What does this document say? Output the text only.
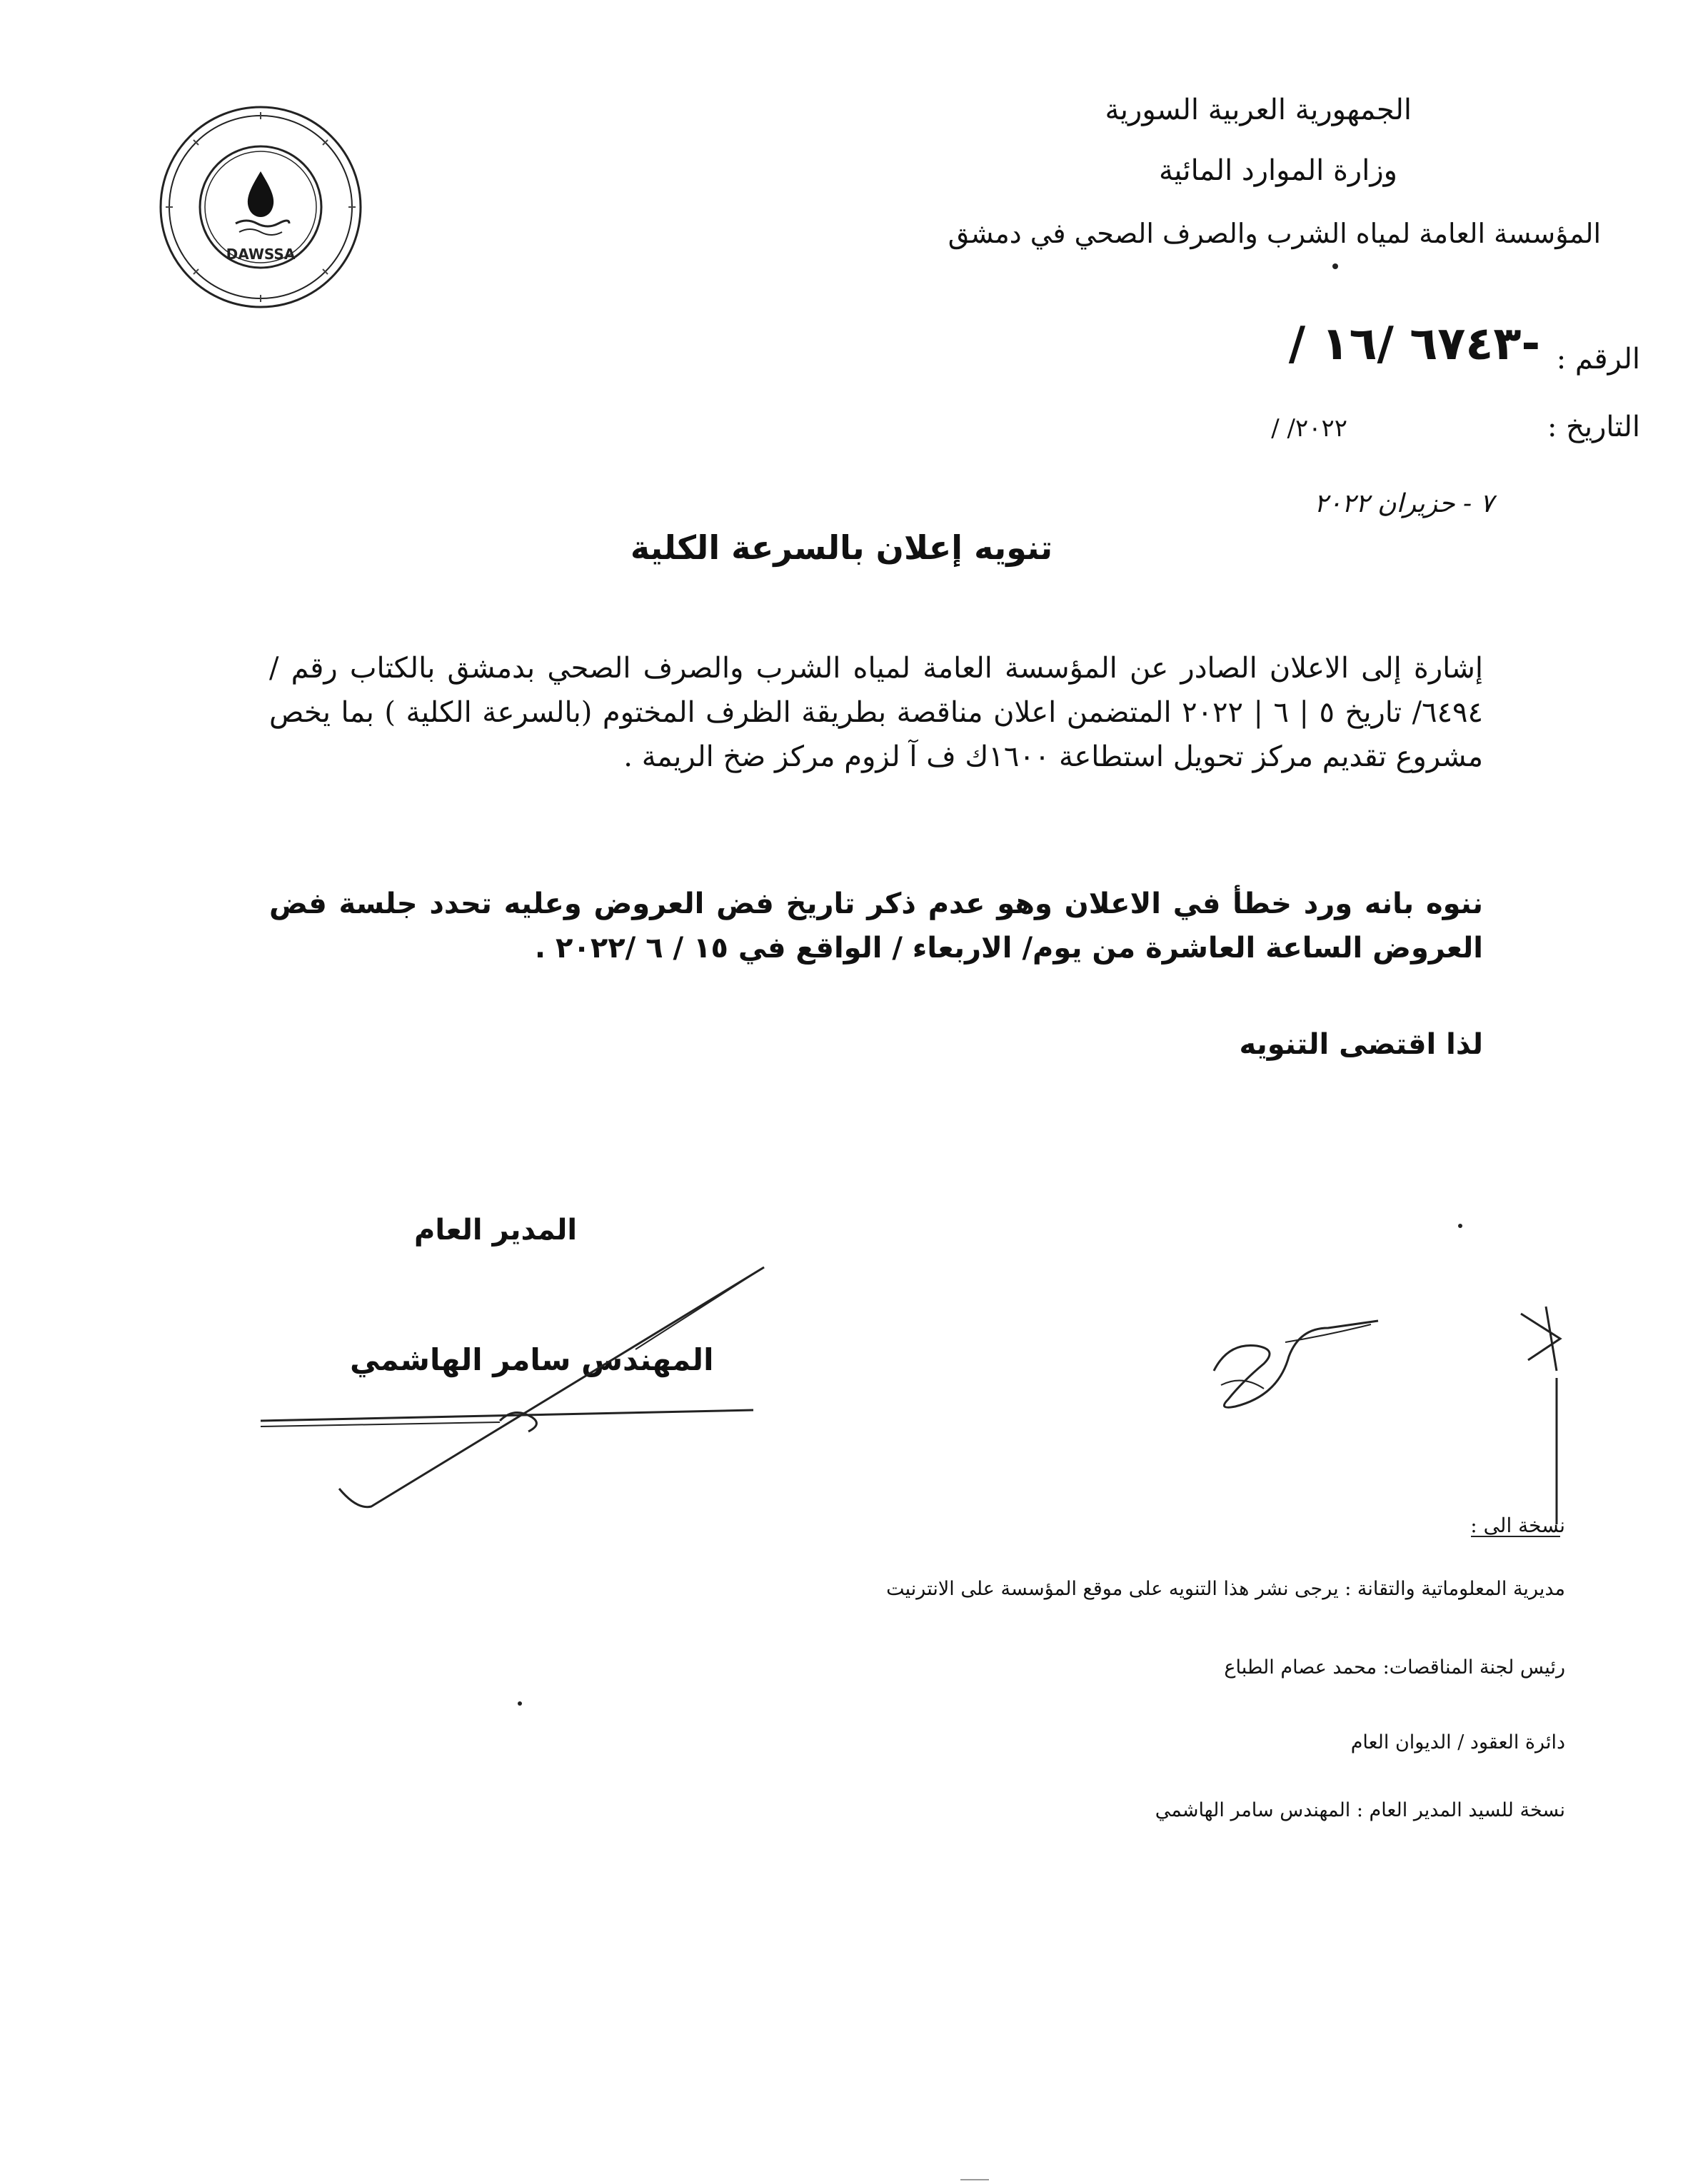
DAWSSA
الجمهورية العربية السورية
وزارة الموارد المائية
المؤسسة العامة لمياه الشرب والصرف الصحي في دمشق
الرقم :
/ ٦٧٤٣ /١٦-
التاريخ :
/ /٢٠٢٢
٧ - حزيران ٢٠٢٢
تنويه إعلان بالسرعة الكلية
إشارة إلى الاعلان الصادر عن المؤسسة العامة لمياه الشرب والصرف الصحي بدمشق بالكتاب رقم /٦٤٩٤/ تاريخ ٥ | ٦ | ٢٠٢٢ المتضمن اعلان مناقصة بطريقة الظرف المختوم (بالسرعة الكلية ) بما يخص مشروع تقديم مركز تحويل استطاعة ١٦٠٠ك ف آ لزوم مركز ضخ الريمة .
ننوه بانه ورد خطأ في الاعلان وهو عدم ذكر تاريخ فض العروض وعليه تحدد جلسة فض العروض الساعة العاشرة من يوم/ الاربعاء / الواقع في ١٥ / ٦ /٢٠٢٢ .
لذا اقتضى التنويه
المدير العام
المهندس سامر الهاشمي
نسخة الى :
مديرية المعلوماتية والتقانة : يرجى نشر هذا التنويه على موقع المؤسسة على الانترنيت
رئيس لجنة المناقصات: محمد عصام الطباع
دائرة العقود / الديوان العام
نسخة للسيد المدير العام : المهندس سامر الهاشمي
